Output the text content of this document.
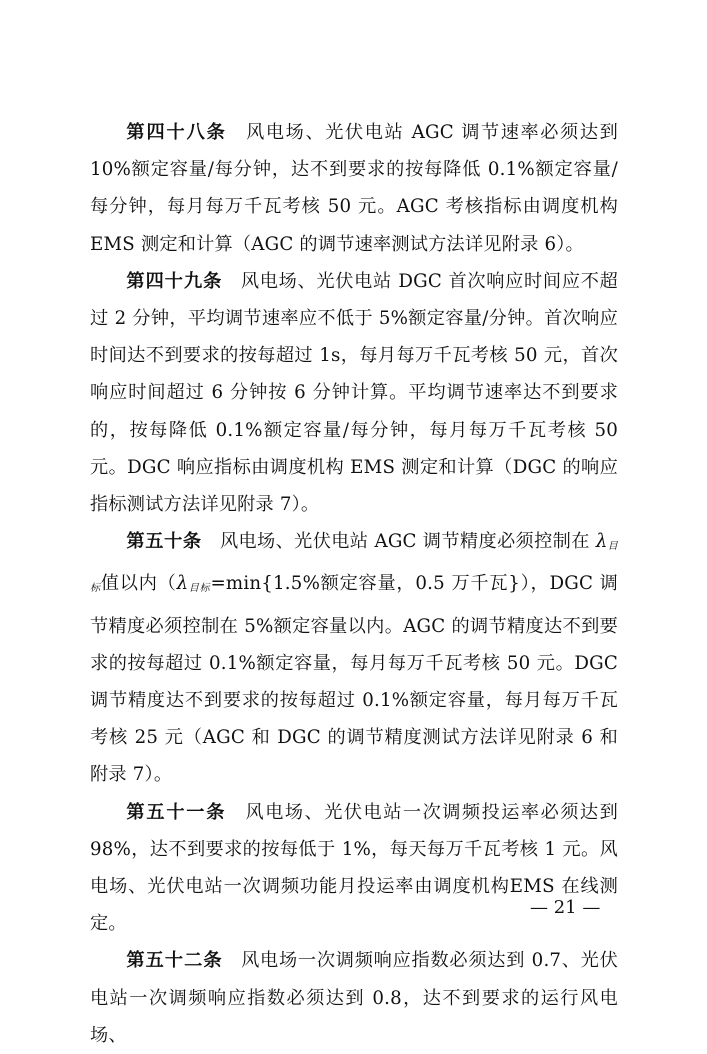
第四十八条 风电场、光伏电站 AGC 调节速率必须达到10%额定容量/每分钟，达不到要求的按每降低 0.1%额定容量/每分钟，每月每万千瓦考核 50 元。AGC 考核指标由调度机构 EMS 测定和计算（AGC 的调节速率测试方法详见附录 6）。

第四十九条 风电场、光伏电站 DGC 首次响应时间应不超过 2 分钟，平均调节速率应不低于 5%额定容量/分钟。首次响应时间达不到要求的按每超过 1s，每月每万千瓦考核 50 元，首次响应时间超过 6 分钟按 6 分钟计算。平均调节速率达不到要求的，按每降低 0.1%额定容量/每分钟，每月每万千瓦考核 50 元。DGC 响应指标由调度机构 EMS 测定和计算（DGC 的响应指标测试方法详见附录 7）。

第五十条 风电场、光伏电站 AGC 调节精度必须控制在 $\lambda_{目标}$值以内（$\lambda_{目标}=\min\{1.5\%$额定容量，0.5 万千瓦}），DGC 调节精度必须控制在 5%额定容量以内。AGC 的调节精度达不到要求的按每超过 0.1%额定容量，每月每万千瓦考核 50 元。DGC 调节精度达不到要求的按每超过 0.1%额定容量，每月每万千瓦考核 25 元（AGC 和 DGC 的调节精度测试方法详见附录 6 和附录 7）。

第五十一条 风电场、光伏电站一次调频投运率必须达到98%，达不到要求的按每低于 1%，每天每万千瓦考核 1 元。风电场、光伏电站一次调频功能月投运率由调度机构EMS 在线测定。

第五十二条 风电场一次调频响应指数必须达到 0.7、光伏电站一次调频响应指数必须达到 0.8，达不到要求的运行风电场、

— 21 —
